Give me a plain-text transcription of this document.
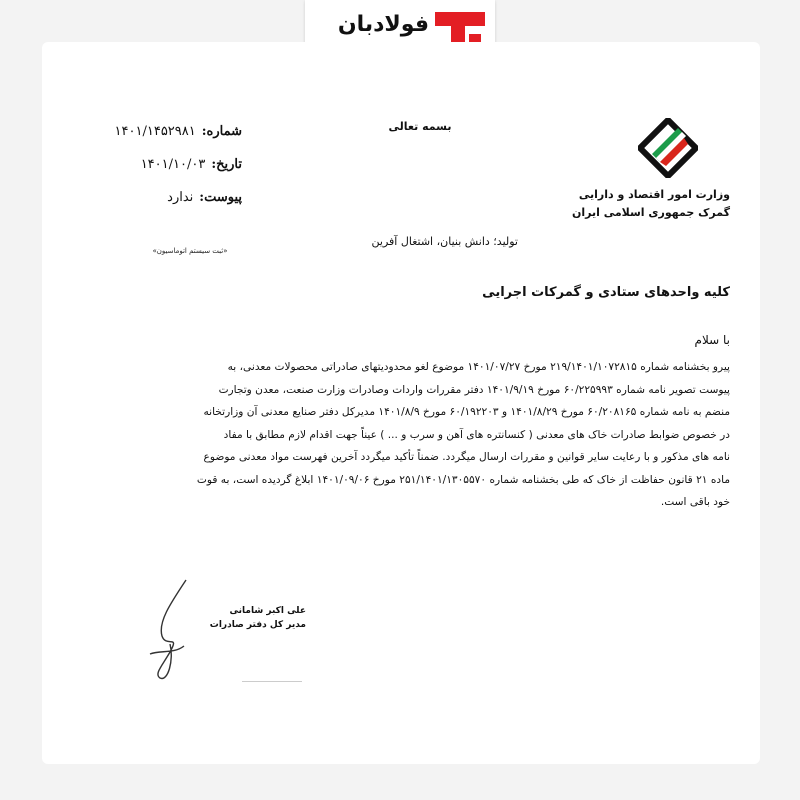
فولادبان
وزارت امور اقتصاد و دارایی
گمرک جمهوری اسلامی ایران
بسمه تعالی
شماره:
۱۴۰۱/۱۴۵۲۹۸۱
تاریخ:
۱۴۰۱/۱۰/۰۳
پیوست:
ندارد
«ثبت سیستم اتوماسیون»
تولید؛ دانش بنیان، اشتغال آفرین
کلیه واحدهای ستادی و گمرکات اجرایی
با سلام
پیرو بخشنامه شماره ۲۱۹/۱۴۰۱/۱۰۷۲۸۱۵ مورخ ۱۴۰۱/۰۷/۲۷ موضوع لغو محدودیتهای صادراتی محصولات معدنی، به
پیوست تصویر نامه شماره ۶۰/۲۲۵۹۹۳ مورخ ۱۴۰۱/۹/۱۹ دفتر مقررات واردات وصادرات وزارت صنعت، معدن وتجارت
منضم به نامه شماره ۶۰/۲۰۸۱۶۵ مورخ ۱۴۰۱/۸/۲۹ و ۶۰/۱۹۲۲۰۳ مورخ ۱۴۰۱/۸/۹ مدیرکل دفتر صنایع معدنی آن وزارتخانه
در خصوص ضوابط صادرات خاک های معدنی ( کنسانتره های آهن و سرب و ... ) عیناً جهت اقدام لازم مطابق با مفاد
نامه های مذکور و با رعایت سایر قوانین و مقررات ارسال میگردد. ضمناً تأکید میگردد آخرین فهرست مواد معدنی موضوع
ماده ۲۱ قانون حفاظت از خاک که طی بخشنامه شماره ۲۵۱/۱۴۰۱/۱۳۰۵۵۷۰ مورخ ۱۴۰۱/۰۹/۰۶ ابلاغ گردیده است، به قوت
خود باقی است.
علی اکبر شامانی
مدیر کل دفتر صادرات
